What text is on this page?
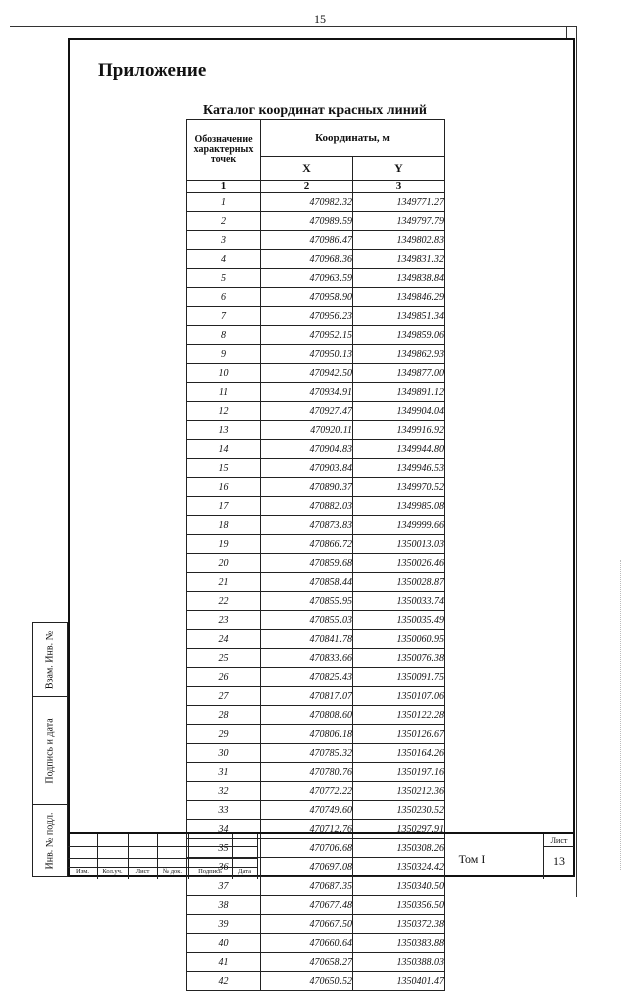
15
Приложение
Каталог координат красных линий
Обозначение характерных точек	Координаты, м	
	X	Y
1	2	3
1	470982.32	1349771.27
2	470989.59	1349797.79
3	470986.47	1349802.83
4	470968.36	1349831.32
5	470963.59	1349838.84
6	470958.90	1349846.29
7	470956.23	1349851.34
8	470952.15	1349859.06
9	470950.13	1349862.93
10	470942.50	1349877.00
11	470934.91	1349891.12
12	470927.47	1349904.04
13	470920.11	1349916.92
14	470904.83	1349944.80
15	470903.84	1349946.53
16	470890.37	1349970.52
17	470882.03	1349985.08
18	470873.83	1349999.66
19	470866.72	1350013.03
20	470859.68	1350026.46
21	470858.44	1350028.87
22	470855.95	1350033.74
23	470855.03	1350035.49
24	470841.78	1350060.95
25	470833.66	1350076.38
26	470825.43	1350091.75
27	470817.07	1350107.06
28	470808.60	1350122.28
29	470806.18	1350126.67
30	470785.32	1350164.26
31	470780.76	1350197.16
32	470772.22	1350212.36
33	470749.60	1350230.52
34	470712.76	1350297.91
35	470706.68	1350308.26
36	470697.08	1350324.42
37	470687.35	1350340.50
38	470677.48	1350356.50
39	470667.50	1350372.38
40	470660.64	1350383.88
41	470658.27	1350388.03
42	470650.52	1350401.47
Взам. Инв. №
Подпись и дата
Инв. № подл.
Изм.	Кол.уч.	Лист	№ док.	Подпись	Дата
Том I
Лист
13
